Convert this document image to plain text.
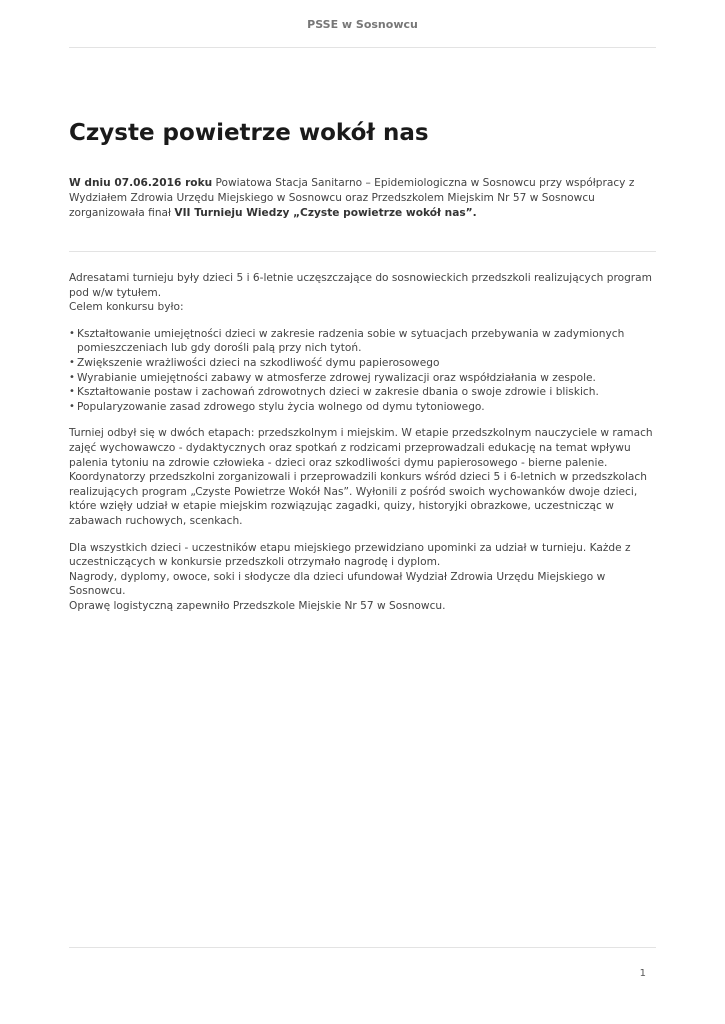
PSSE w Sosnowcu
Czyste powietrze wokół nas

W dniu 07.06.2016 roku Powiatowa Stacja Sanitarno – Epidemiologiczna w Sosnowcu przy współpracy z Wydziałem Zdrowia Urzędu Miejskiego w Sosnowcu oraz Przedszkolem Miejskim Nr 57 w Sosnowcu zorganizowała finał VII Turnieju Wiedzy „Czyste powietrze wokół nas”.

Adresatami turnieju były dzieci 5 i 6-letnie uczęszczające do sosnowieckich przedszkoli realizujących program pod w/w tytułem.

Celem konkursu było:

• Kształtowanie umiejętności dzieci w zakresie radzenia sobie w sytuacjach przebywania w zadymionych pomieszczeniach lub gdy dorośli palą przy nich tytoń.
• Zwiększenie wrażliwości dzieci na szkodliwość dymu papierosowego
• Wyrabianie umiejętności zabawy w atmosferze zdrowej rywalizacji oraz współdziałania w zespole.
• Kształtowanie postaw i zachowań zdrowotnych dzieci w zakresie dbania o swoje zdrowie i bliskich.
• Popularyzowanie zasad zdrowego stylu życia wolnego od dymu tytoniowego.

Turniej odbył się w dwóch etapach: przedszkolnym i miejskim. W etapie przedszkolnym nauczyciele w ramach zajęć wychowawczo - dydaktycznych oraz spotkań z rodzicami przeprowadzali edukację na temat wpływu palenia tytoniu na zdrowie człowieka - dzieci oraz szkodliwości dymu papierosowego - bierne palenie. Koordynatorzy przedszkolni zorganizowali i przeprowadzili konkurs wśród dzieci 5 i 6-letnich w przedszkolach realizujących program „Czyste Powietrze Wokół Nas”. Wyłonili z pośród swoich wychowanków dwoje dzieci, które wzięły udział w etapie miejskim rozwiązując zagadki, quizy, historyjki obrazkowe, uczestnicząc w zabawach ruchowych, scenkach.

Dla wszystkich dzieci - uczestników etapu miejskiego przewidziano upominki za udział w turnieju. Każde z uczestniczących w konkursie przedszkoli otrzymało nagrodę i dyplom.

Nagrody, dyplomy, owoce, soki i słodycze dla dzieci ufundował Wydział Zdrowia Urzędu Miejskiego w Sosnowcu.

Oprawę logistyczną zapewniło Przedszkole Miejskie Nr 57 w Sosnowcu.

1
